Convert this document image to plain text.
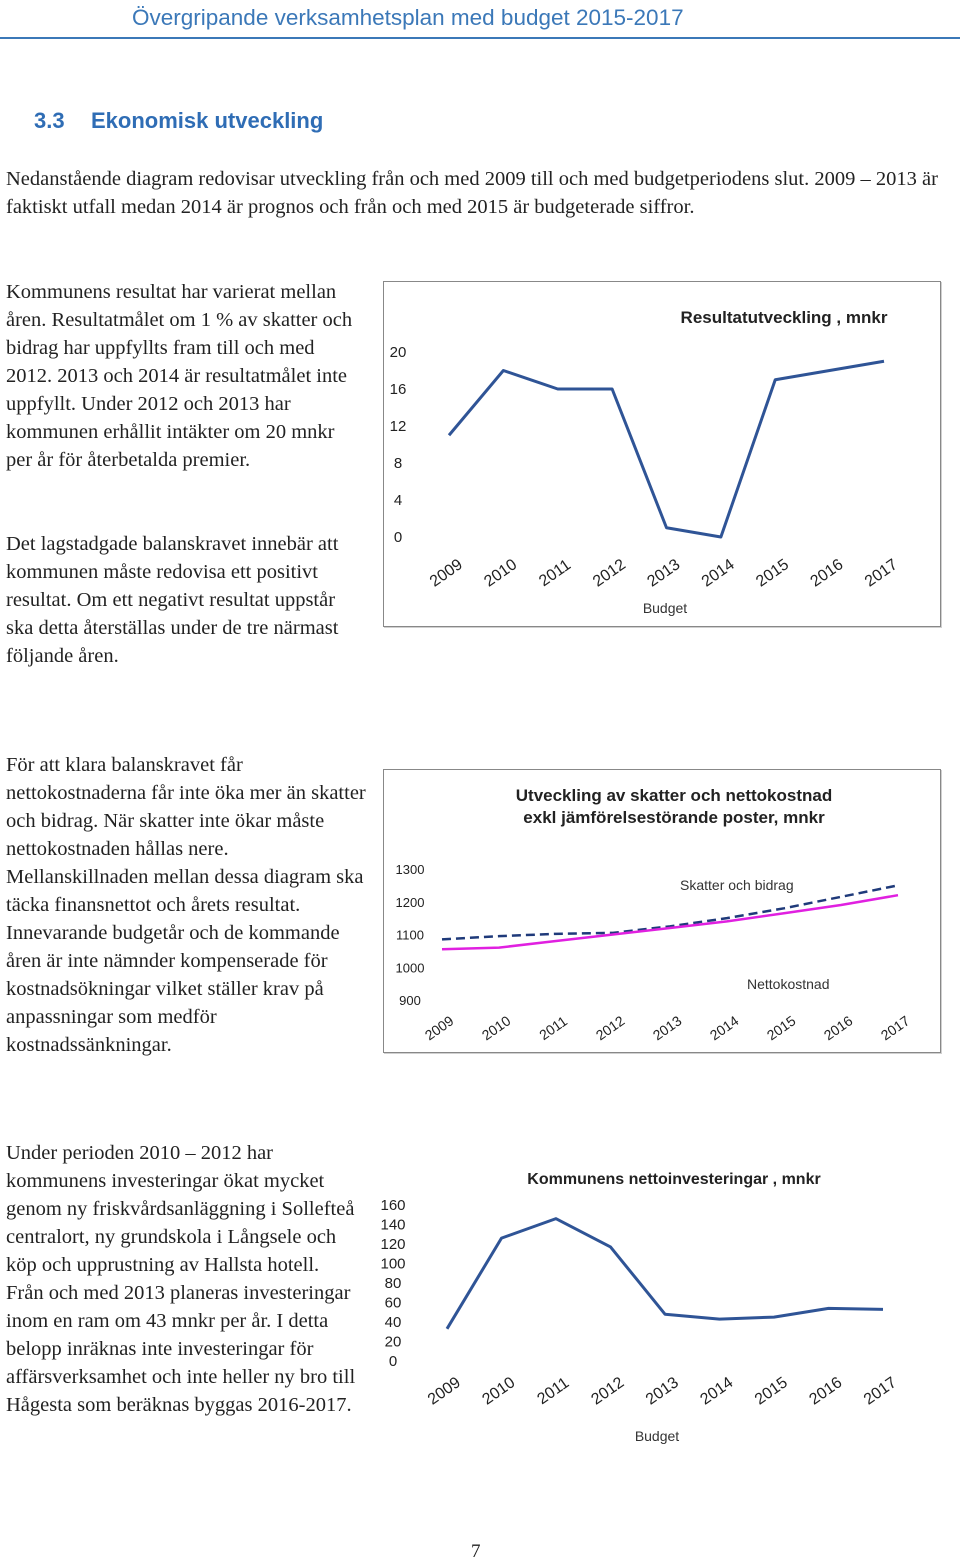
Övergripande verksamhetsplan med budget 2015-2017
3.3 Ekonomisk utveckling

Nedanstående diagram redovisar utveckling från och med 2009 till och med budgetperiodens slut. 2009 – 2013 är faktiskt utfall medan 2014 är prognos och från och med 2015 är budgeterade siffror.

Kommunens resultat har varierat mellan åren. Resultatmålet om 1 % av skatter och bidrag har uppfyllts fram till och med 2012. 2013 och 2014 är resultatmålet inte uppfyllt. Under 2012 och 2013 har kommunen erhållit intäkter om 20 mnkr per år för återbetalda premier.

Det lagstadgade balanskravet innebär att kommunen måste redovisa ett positivt resultat. Om ett negativt resultat uppstår ska detta återställas under de tre närmast följande åren.

För att klara balanskravet får nettokostnaderna får inte öka mer än skatter och bidrag. När skatter inte ökar måste nettokostnaden hållas nere. Mellanskillnaden mellan dessa diagram ska täcka finansnettot och årets resultat. Innevarande budgetår och de kommande åren är inte nämnder kompenserade för kostnadsökningar vilket ställer krav på anpassningar som medför kostnadssänkningar.

Under perioden 2010 – 2012 har kommunens investeringar ökat mycket genom ny friskvårdsanläggning i Sollefteå centralort, ny grundskola i Långsele och köp och upprustning av Hallsta hotell. Från och med 2013 planeras investeringar inom en ram om 43 mnkr per år. I detta belopp inräknas inte investeringar för affärsverksamhet och inte heller ny bro till Hågesta som beräknas byggas 2016-2017.

Resultatutveckling , mnkr
20
16
12
8
4
0
2009 2010 2011 2012 2013 2014 2015 2016 2017
Budget
Utveckling av skatter och nettokostnad
exkl jämförelsestörande poster, mnkr
1300
1200
1100
1000
900
2009 2010 2011 2012 2013 2014 2015 2016 2017
Skatter och bidrag
Nettokostnad
Kommunens nettoinvesteringar , mnkr
160
140
120
100
80
60
40
20
0
2009 2010 2011 2012 2013 2014 2015 2016 2017
Budget
7
